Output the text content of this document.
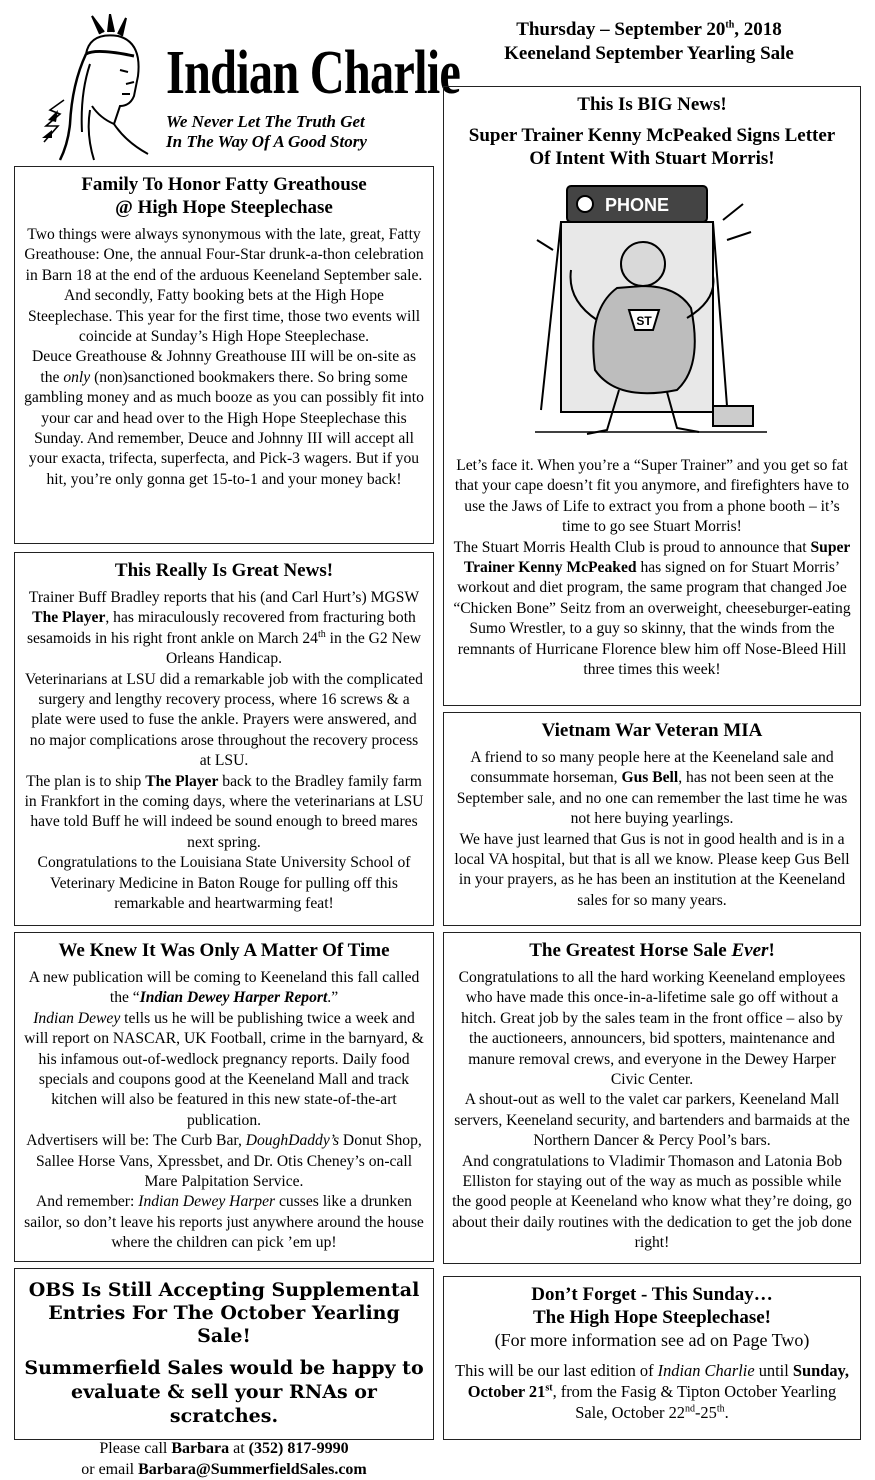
Indian Charlie
We Never Let The Truth Get
In The Way Of A Good Story
Thursday – September 20th, 2018
Keeneland September Yearling Sale
Family To Honor Fatty Greathouse
@ High Hope Steeplechase

Two things were always synonymous with the late, great, Fatty Greathouse: One, the annual Four-Star drunk-a-thon celebration in Barn 18 at the end of the arduous Keeneland September sale. And secondly, Fatty booking bets at the High Hope Steeplechase. This year for the first time, those two events will coincide at Sunday’s High Hope Steeplechase.

Deuce Greathouse & Johnny Greathouse III will be on-site as the only (non)sanctioned bookmakers there. So bring some gambling money and as much booze as you can possibly fit into your car and head over to the High Hope Steeplechase this Sunday. And remember, Deuce and Johnny III will accept all your exacta, trifecta, superfecta, and Pick-3 wagers. But if you hit, you’re only gonna get 15-to-1 and your money back!

This Really Is Great News!

Trainer Buff Bradley reports that his (and Carl Hurt’s) MGSW The Player, has miraculously recovered from fracturing both sesamoids in his right front ankle on March 24th in the G2 New Orleans Handicap.

Veterinarians at LSU did a remarkable job with the complicated surgery and lengthy recovery process, where 16 screws & a plate were used to fuse the ankle. Prayers were answered, and no major complications arose throughout the recovery process at LSU.

The plan is to ship The Player back to the Bradley family farm in Frankfort in the coming days, where the veterinarians at LSU have told Buff he will indeed be sound enough to breed mares next spring.

Congratulations to the Louisiana State University School of Veterinary Medicine in Baton Rouge for pulling off this remarkable and heartwarming feat!

We Knew It Was Only A Matter Of Time

A new publication will be coming to Keeneland this fall called the “Indian Dewey Harper Report.”

Indian Dewey tells us he will be publishing twice a week and will report on NASCAR, UK Football, crime in the barnyard, & his infamous out-of-wedlock pregnancy reports. Daily food specials and coupons good at the Keeneland Mall and track kitchen will also be featured in this new state-of-the-art publication.

Advertisers will be: The Curb Bar, DoughDaddy’s Donut Shop, Sallee Horse Vans, Xpressbet, and Dr. Otis Cheney’s on-call Mare Palpitation Service.

And remember: Indian Dewey Harper cusses like a drunken sailor, so don’t leave his reports just anywhere around the house where the children can pick ’em up!

OBS Is Still Accepting Supplemental Entries For The October Yearling Sale!
Summerfield Sales would be happy to evaluate & sell your RNAs or scratches.
Please call Barbara at (352) 817-9990
or email Barbara@SummerfieldSales.com
This Is BIG News!
Super Trainer Kenny McPeaked Signs Letter Of Intent With Stuart Morris!
PHONE
ST

Let’s face it. When you’re a “Super Trainer” and you get so fat that your cape doesn’t fit you anymore, and firefighters have to use the Jaws of Life to extract you from a phone booth – it’s time to go see Stuart Morris!

The Stuart Morris Health Club is proud to announce that Super Trainer Kenny McPeaked has signed on for Stuart Morris’ workout and diet program, the same program that changed Joe “Chicken Bone” Seitz from an overweight, cheeseburger-eating Sumo Wrestler, to a guy so skinny, that the winds from the remnants of Hurricane Florence blew him off Nose-Bleed Hill three times this week!

Vietnam War Veteran MIA

A friend to so many people here at the Keeneland sale and consummate horseman, Gus Bell, has not been seen at the September sale, and no one can remember the last time he was not here buying yearlings.

We have just learned that Gus is not in good health and is in a local VA hospital, but that is all we know. Please keep Gus Bell in your prayers, as he has been an institution at the Keeneland sales for so many years.

The Greatest Horse Sale Ever!

Congratulations to all the hard working Keeneland employees who have made this once-in-a-lifetime sale go off without a hitch. Great job by the sales team in the front office – also by the auctioneers, announcers, bid spotters, maintenance and manure removal crews, and everyone in the Dewey Harper Civic Center.

A shout-out as well to the valet car parkers, Keeneland Mall servers, Keeneland security, and bartenders and barmaids at the Northern Dancer & Percy Pool’s bars.

And congratulations to Vladimir Thomason and Latonia Bob Elliston for staying out of the way as much as possible while the good people at Keeneland who know what they’re doing, go about their daily routines with the dedication to get the job done right!

Don’t Forget - This Sunday…
The High Hope Steeplechase!
(For more information see ad on Page Two)
This will be our last edition of Indian Charlie until Sunday, October 21st, from the Fasig & Tipton October Yearling Sale, October 22nd-25th.
